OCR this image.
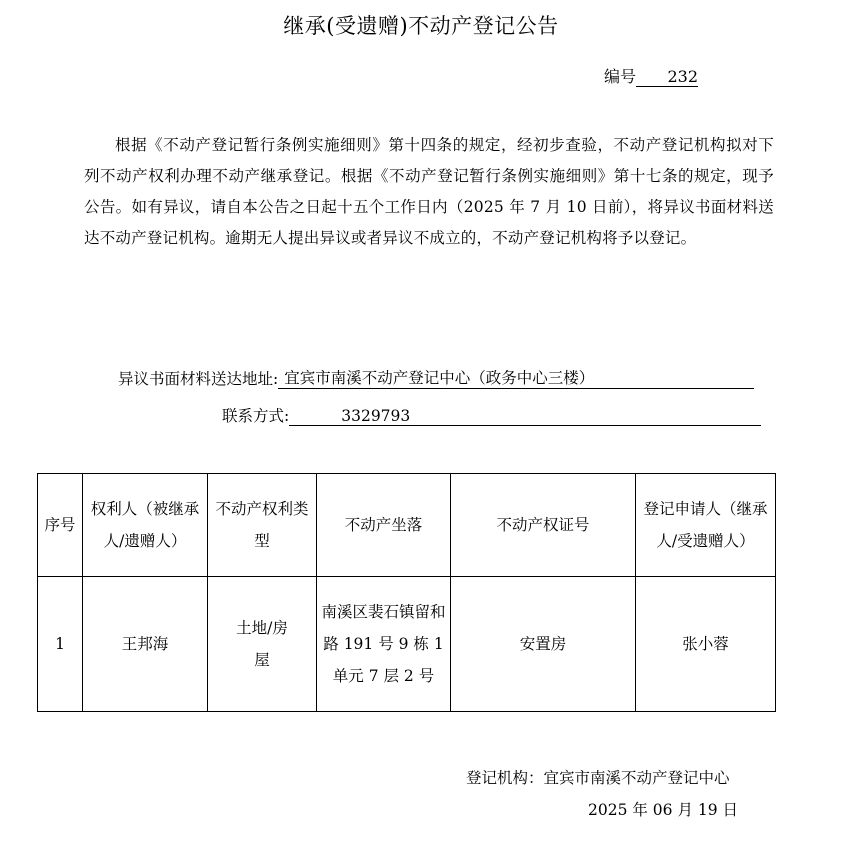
继承(受遗赠)不动产登记公告
编号 232
根据《不动产登记暂行条例实施细则》第十四条的规定，经初步查验，不动产登记机构拟对下列不动产权利办理不动产继承登记。根据《不动产登记暂行条例实施细则》第十七条的规定，现予公告。如有异议，请自本公告之日起十五个工作日内（2025 年 7 月 10 日前），将异议书面材料送达不动产登记机构。逾期无人提出异议或者异议不成立的，不动产登记机构将予以登记。
异议书面材料送达地址: 宜宾市南溪不动产登记中心（政务中心三楼）
联系方式:	3329793
序号	权利人（被继承人/遗赠人）	不动产权利类型	不动产坐落	不动产权证号	登记申请人（继承人/受遗赠人）
1	王邦海	土地/房屋	南溪区裴石镇留和路 191 号 9 栋 1 单元 7 层 2 号	安置房	张小蓉
登记机构：宜宾市南溪不动产登记中心
2025 年 06 月 19 日
